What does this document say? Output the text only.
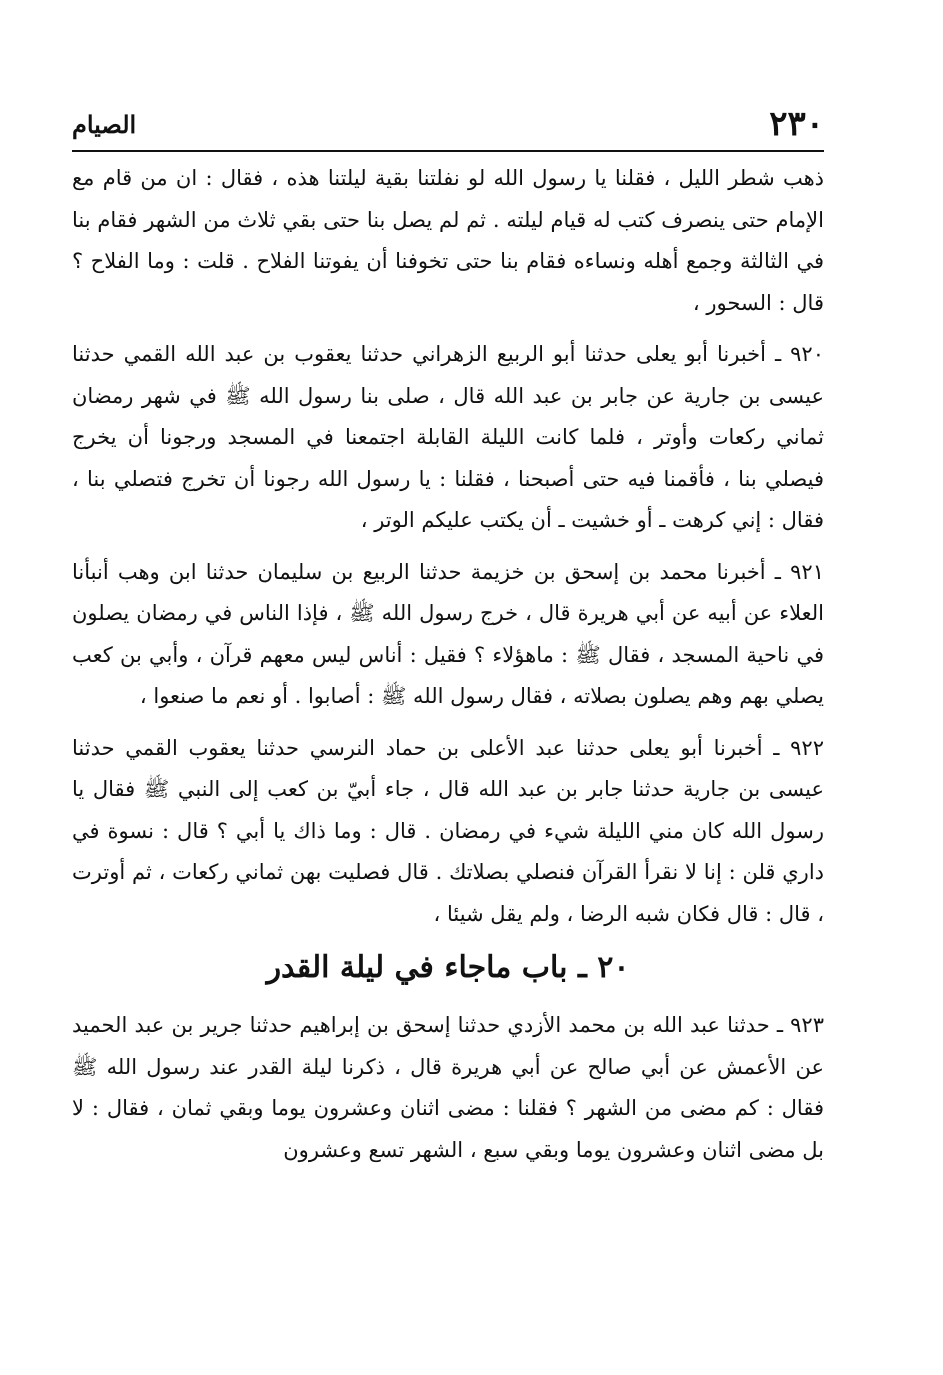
٢٣٠
الصيام

ذهب شطر الليل ، فقلنا يا رسول الله لو نفلتنا بقية ليلتنا هذه ، فقال : ان من قام مع الإمام حتى ينصرف كتب له قيام ليلته . ثم لم يصل بنا حتى بقي ثلاث من الشهر فقام بنا في الثالثة وجمع أهله ونساءه فقام بنا حتى تخوفنا أن يفوتنا الفلاح . قلت : وما الفلاح ؟ قال : السحور ،

٩٢٠ ـ أخبرنا أبو يعلى حدثنا أبو الربيع الزهراني حدثنا يعقوب بن عبد الله القمي حدثنا عيسى بن جارية عن جابر بن عبد الله قال ، صلى بنا رسول الله ﷺ في شهر رمضان ثماني ركعات وأوتر ، فلما كانت الليلة القابلة اجتمعنا في المسجد ورجونا أن يخرج فيصلي بنا ، فأقمنا فيه حتى أصبحنا ، فقلنا : يا رسول الله رجونا أن تخرج فتصلي بنا ، فقال : إني كرهت ـ أو خشيت ـ أن يكتب عليكم الوتر ،

٩٢١ ـ أخبرنا محمد بن إسحق بن خزيمة حدثنا الربيع بن سليمان حدثنا ابن وهب أنبأنا العلاء عن أبيه عن أبي هريرة قال ، خرج رسول الله ﷺ ، فإذا الناس في رمضان يصلون في ناحية المسجد ، فقال ﷺ : ماهؤلاء ؟ فقيل : أناس ليس معهم قرآن ، وأبي بن كعب يصلي بهم وهم يصلون بصلاته ، فقال رسول الله ﷺ : أصابوا . أو نعم ما صنعوا ،

٩٢٢ ـ أخبرنا أبو يعلى حدثنا عبد الأعلى بن حماد النرسي حدثنا يعقوب القمي حدثنا عيسى بن جارية حدثنا جابر بن عبد الله قال ، جاء أبيّ بن كعب إلى النبي ﷺ فقال يا رسول الله كان مني الليلة شيء في رمضان . قال : وما ذاك يا أبي ؟ قال : نسوة في داري قلن : إنا لا نقرأ القرآن فنصلي بصلاتك . قال فصليت بهن ثماني ركعات ، ثم أوترت ، قال : قال فكان شبه الرضا ، ولم يقل شيئا ،

٢٠ ـ باب ماجاء في ليلة القدر

٩٢٣ ـ حدثنا عبد الله بن محمد الأزدي حدثنا إسحق بن إبراهيم حدثنا جرير بن عبد الحميد عن الأعمش عن أبي صالح عن أبي هريرة قال ، ذكرنا ليلة القدر عند رسول الله ﷺ فقال : كم مضى من الشهر ؟ فقلنا : مضى اثنان وعشرون يوما وبقي ثمان ، فقال : لا بل مضى اثنان وعشرون يوما وبقي سبع ، الشهر تسع وعشرون
